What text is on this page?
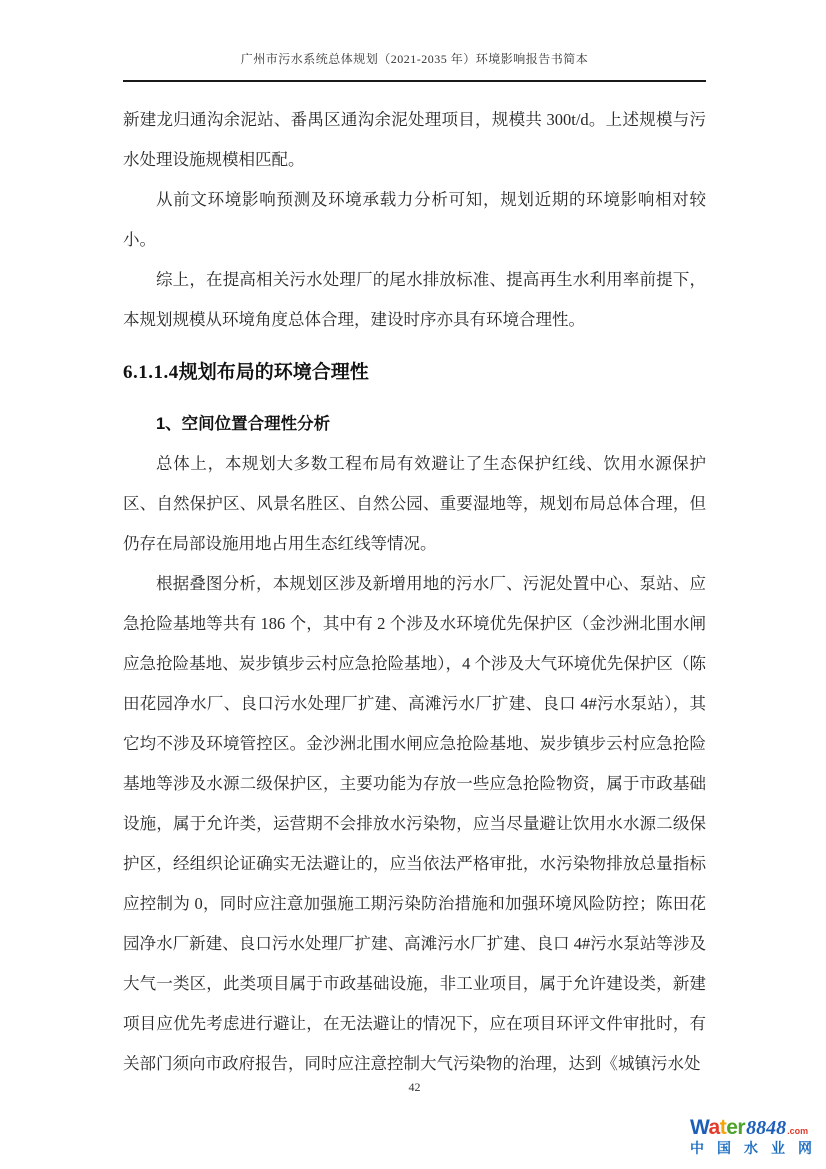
广州市污水系统总体规划（2021-2035 年）环境影响报告书简本

新建龙归通沟余泥站、番禺区通沟余泥处理项目，规模共 300t/d。上述规模与污水处理设施规模相匹配。

从前文环境影响预测及环境承载力分析可知，规划近期的环境影响相对较小。

综上，在提高相关污水处理厂的尾水排放标准、提高再生水利用率前提下，本规划规模从环境角度总体合理，建设时序亦具有环境合理性。

6.1.1.4规划布局的环境合理性
1、空间位置合理性分析

总体上，本规划大多数工程布局有效避让了生态保护红线、饮用水源保护区、自然保护区、风景名胜区、自然公园、重要湿地等，规划布局总体合理，但仍存在局部设施用地占用生态红线等情况。

根据叠图分析，本规划区涉及新增用地的污水厂、污泥处置中心、泵站、应急抢险基地等共有 186 个，其中有 2 个涉及水环境优先保护区（金沙洲北围水闸应急抢险基地、炭步镇步云村应急抢险基地），4 个涉及大气环境优先保护区（陈田花园净水厂、良口污水处理厂扩建、高滩污水厂扩建、良口 4#污水泵站），其它均不涉及环境管控区。金沙洲北围水闸应急抢险基地、炭步镇步云村应急抢险基地等涉及水源二级保护区，主要功能为存放一些应急抢险物资，属于市政基础设施，属于允许类，运营期不会排放水污染物，应当尽量避让饮用水水源二级保护区，经组织论证确实无法避让的，应当依法严格审批，水污染物排放总量指标应控制为 0，同时应注意加强施工期污染防治措施和加强环境风险防控；陈田花园净水厂新建、良口污水处理厂扩建、高滩污水厂扩建、良口 4#污水泵站等涉及大气一类区，此类项目属于市政基础设施，非工业项目，属于允许建设类，新建项目应优先考虑进行避让，在无法避让的情况下，应在项目环评文件审批时，有关部门须向市政府报告，同时应注意控制大气污染物的治理，达到《城镇污水处

42
Water 8848 .com
中 国 水 业 网
